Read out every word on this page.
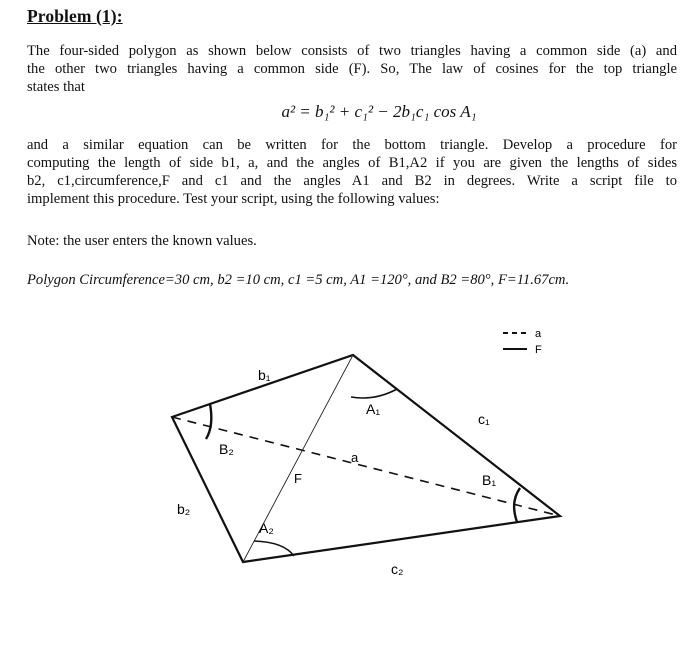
Problem (1):
The four-sided polygon as shown below consists of two triangles having a common side (a) and
the other two triangles having a common side (F). So, The law of cosines for the top triangle
states that
a² = b₁² + c₁² − 2b₁c₁ cos A₁
and a similar equation can be written for the bottom triangle. Develop a procedure for
computing the length of side b1, a, and the angles of B1,A2 if you are given the lengths of sides
b2, c1,circumference,F and c1 and the angles A1 and B2 in degrees. Write a script file to
implement this procedure. Test your script, using the following values:
Note: the user enters the known values.
Polygon Circumference=30 cm, b2 =10 cm, c1 =5 cm, A1 =120°, and B2 =80°, F=11.67cm.
a
F
b₁
b₂
c₁
c₂
A₁
A₂
B₁
B₂
a
F
